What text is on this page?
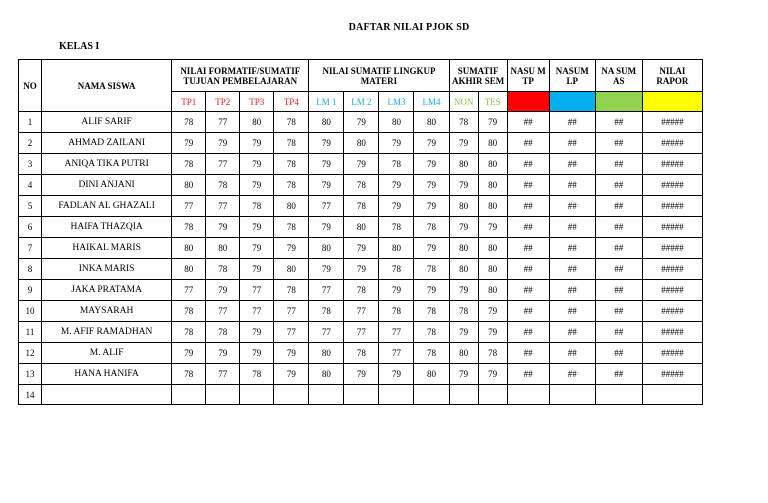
DAFTAR NILAI PJOK SD
KELAS I
NO	NAMA SISWA	NILAI FORMATIF/SUMATIF TUJUAN PEMBELAJARAN				NILAI SUMATIF LINGKUP MATERI				SUMATIF AKHIR SEM		NASU M TP	NASUM LP	NA SUM AS	NILAI RAPOR
		TP1	TP2	TP3	TP4	LM 1	LM 2	LM3	LM4	NON	TES				
1	ALIF SARIF	78	77	80	78	80	79	80	80	78	79	##	##	##	#####
2	AHMAD ZAILANI	79	79	79	78	79	80	79	79	79	80	##	##	##	#####
3	ANIQA TIKA PUTRI	78	77	79	78	79	79	78	79	80	80	##	##	##	#####
4	DINI ANJANI	80	78	79	78	79	78	79	79	79	80	##	##	##	#####
5	FADLAN AL GHAZALI	77	77	78	80	77	78	79	79	80	80	##	##	##	#####
6	HAIFA THAZQIA	78	79	79	78	79	80	78	78	79	79	##	##	##	#####
7	HAIKAL MARIS	80	80	79	79	80	79	80	79	80	80	##	##	##	#####
8	INKA MARIS	80	78	79	80	79	79	78	78	80	80	##	##	##	#####
9	JAKA PRATAMA	77	79	77	78	77	78	79	79	79	80	##	##	##	#####
10	MAYSARAH	78	77	77	77	78	77	78	78	78	79	##	##	##	#####
11	M. AFIF RAMADHAN	78	78	79	77	77	77	77	78	79	79	##	##	##	#####
12	M. ALIF	79	79	79	79	80	78	77	78	80	78	##	##	##	#####
13	HANA HANIFA	78	77	78	79	80	79	79	80	79	79	##	##	##	#####
14															
